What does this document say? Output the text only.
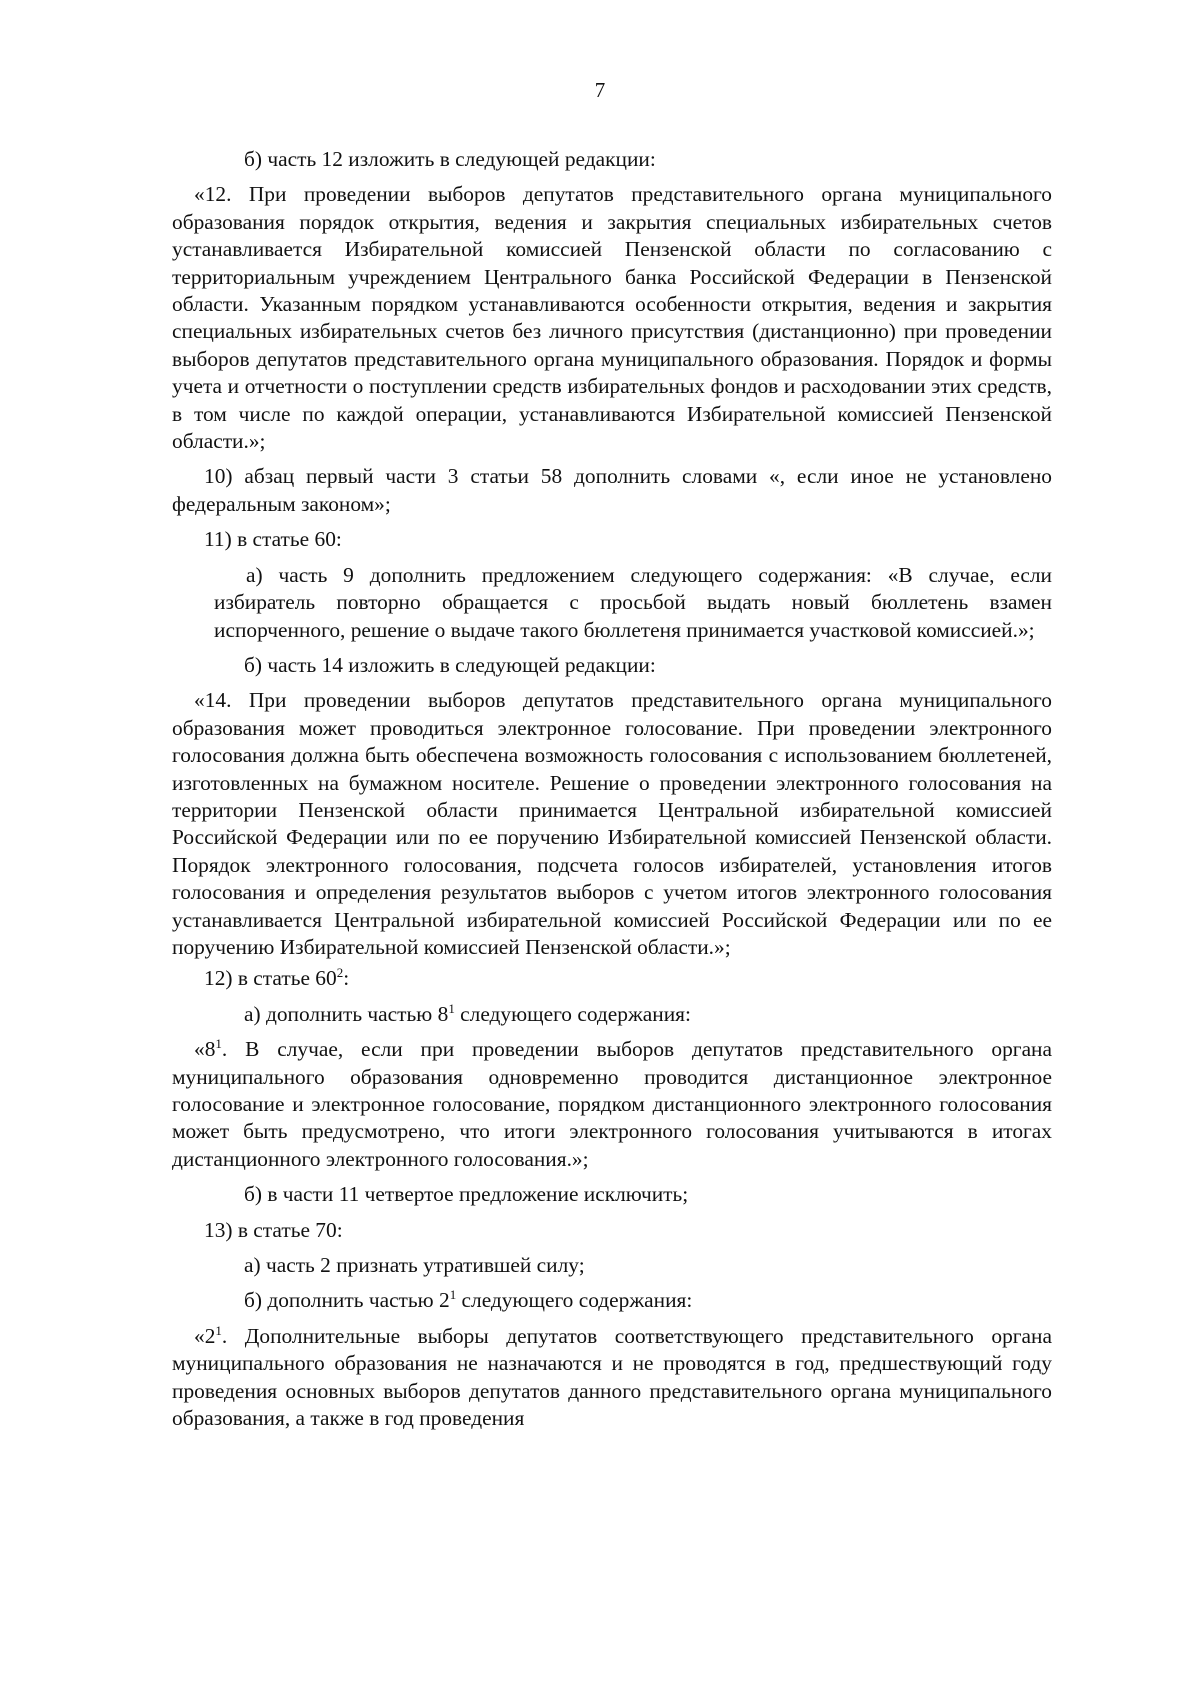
7

б) часть 12 изложить в следующей редакции:

«12. При проведении выборов депутатов представительного органа муниципального образования порядок открытия, ведения и закрытия специальных избирательных счетов устанавливается Избирательной комиссией Пензенской области по согласованию с территориальным учреждением Центрального банка Российской Федерации в Пензенской области. Указанным порядком устанавливаются особенности открытия, ведения и закрытия специальных избирательных счетов без личного присутствия (дистанционно) при проведении выборов депутатов представительного органа муниципального образования. Порядок и формы учета и отчетности о поступлении средств избирательных фондов и расходовании этих средств, в том числе по каждой операции, устанавливаются Избирательной комиссией Пензенской области.»;

10) абзац первый части 3 статьи 58 дополнить словами «, если иное не установлено федеральным законом»;

11) в статье 60:

а) часть 9 дополнить предложением следующего содержания: «В случае, если избиратель повторно обращается с просьбой выдать новый бюллетень взамен испорченного, решение о выдаче такого бюллетеня принимается участковой комиссией.»;

б) часть 14 изложить в следующей редакции:

«14. При проведении выборов депутатов представительного органа муниципального образования может проводиться электронное голосование. При проведении электронного голосования должна быть обеспечена возможность голосования с использованием бюллетеней, изготовленных на бумажном носителе. Решение о проведении электронного голосования на территории Пензенской области принимается Центральной избирательной комиссией Российской Федерации или по ее поручению Избирательной комиссией Пензенской области. Порядок электронного голосования, подсчета голосов избирателей, установления итогов голосования и определения результатов выборов с учетом итогов электронного голосования устанавливается Центральной избирательной комиссией Российской Федерации или по ее поручению Избирательной комиссией Пензенской области.»;

12) в статье $60^2$:

а) дополнить частью $8^1$ следующего содержания:

«$8^1$. В случае, если при проведении выборов депутатов представительного органа муниципального образования одновременно проводится дистанционное электронное голосование и электронное голосование, порядком дистанционного электронного голосования может быть предусмотрено, что итоги электронного голосования учитываются в итогах дистанционного электронного голосования.»;

б) в части 11 четвертое предложение исключить;

13) в статье 70:

а) часть 2 признать утратившей силу;

б) дополнить частью $2^1$ следующего содержания:

«$2^1$. Дополнительные выборы депутатов соответствующего представительного органа муниципального образования не назначаются и не проводятся в год, предшествующий году проведения основных выборов депутатов данного представительного органа муниципального образования, а также в год проведения
